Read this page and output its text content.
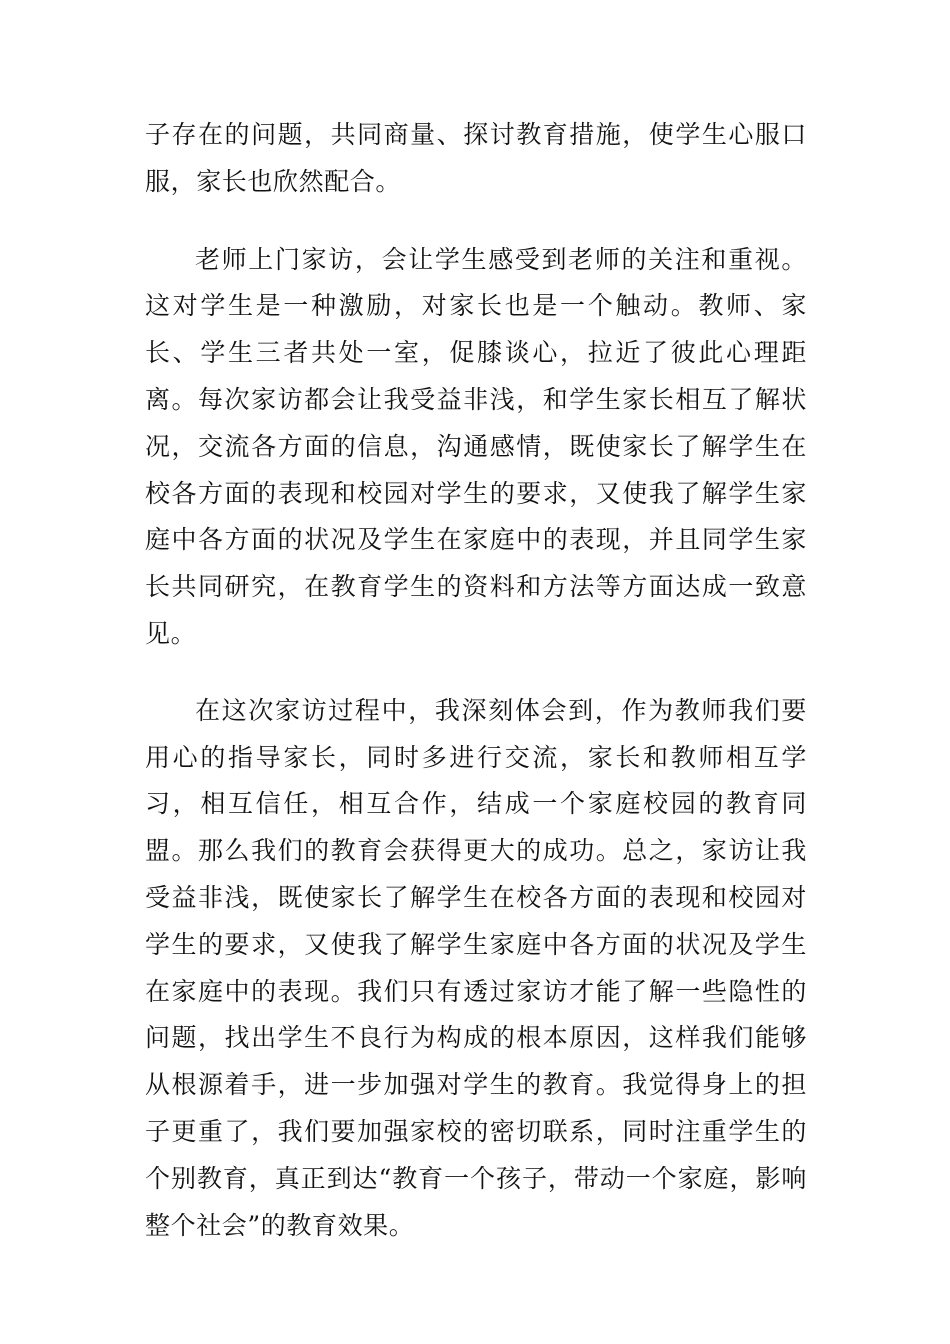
子存在的问题，共同商量、探讨教育措施，使学生心服口服，家长也欣然配合。

老师上门家访，会让学生感受到老师的关注和重视。这对学生是一种激励，对家长也是一个触动。教师、家长、学生三者共处一室，促膝谈心，拉近了彼此心理距离。每次家访都会让我受益非浅，和学生家长相互了解状况，交流各方面的信息，沟通感情，既使家长了解学生在校各方面的表现和校园对学生的要求，又使我了解学生家庭中各方面的状况及学生在家庭中的表现，并且同学生家长共同研究，在教育学生的资料和方法等方面达成一致意见。

在这次家访过程中，我深刻体会到，作为教师我们要用心的指导家长，同时多进行交流，家长和教师相互学习，相互信任，相互合作，结成一个家庭校园的教育同盟。那么我们的教育会获得更大的成功。总之，家访让我受益非浅，既使家长了解学生在校各方面的表现和校园对学生的要求，又使我了解学生家庭中各方面的状况及学生在家庭中的表现。我们只有透过家访才能了解一些隐性的问题，找出学生不良行为构成的根本原因，这样我们能够从根源着手，进一步加强对学生的教育。我觉得身上的担子更重了，我们要加强家校的密切联系，同时注重学生的个别教育，真正到达“教育一个孩子，带动一个家庭，影响整个社会”的教育效果。
